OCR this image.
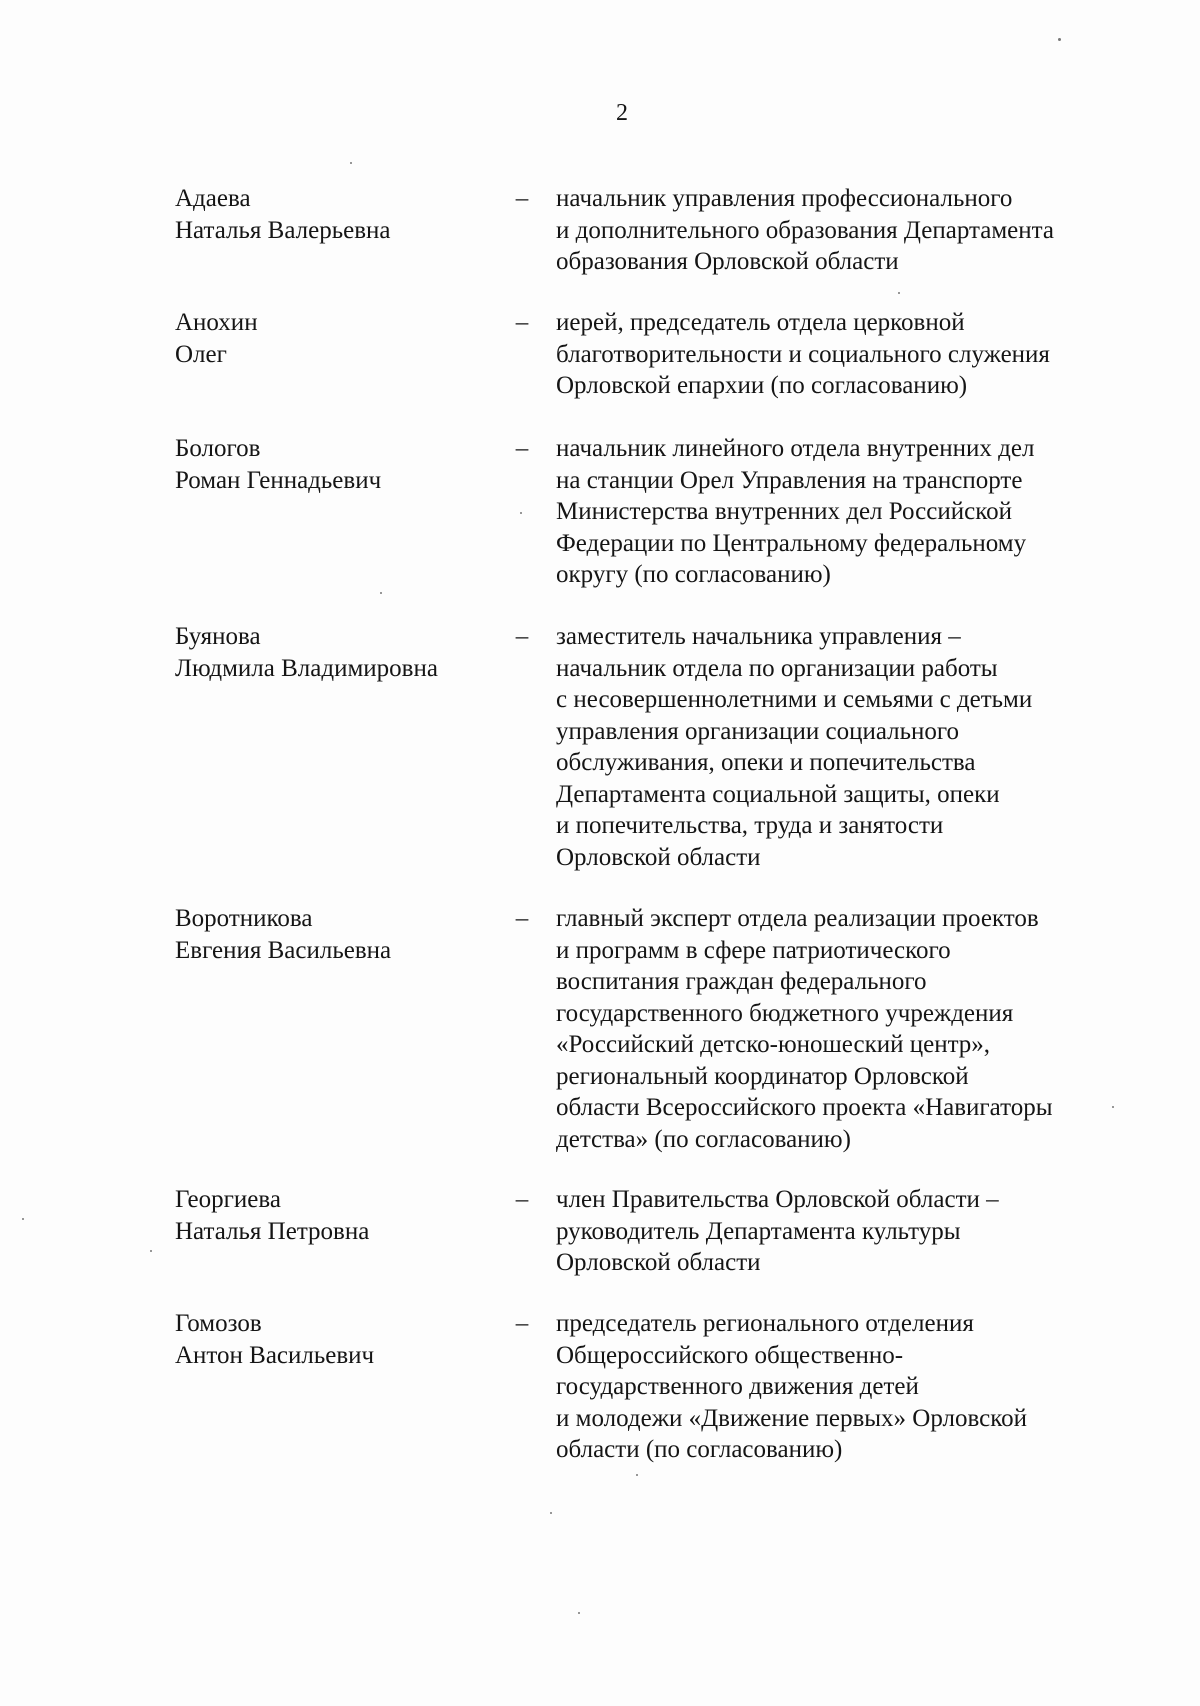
2
Адаева
Наталья Валерьевна
– начальник управления профессионального
и дополнительного образования Департамента
образования Орловской области
Анохин
Олег
– иерей, председатель отдела церковной
благотворительности и социального служения
Орловской епархии (по согласованию)
Бологов
Роман Геннадьевич
– начальник линейного отдела внутренних дел
на станции Орел Управления на транспорте
Министерства внутренних дел Российской
Федерации по Центральному федеральному
округу (по согласованию)
Буянова
Людмила Владимировна
– заместитель начальника управления –
начальник отдела по организации работы
с несовершеннолетними и семьями с детьми
управления организации социального
обслуживания, опеки и попечительства
Департамента социальной защиты, опеки
и попечительства, труда и занятости
Орловской области
Воротникова
Евгения Васильевна
– главный эксперт отдела реализации проектов
и программ в сфере патриотического
воспитания граждан федерального
государственного бюджетного учреждения
«Российский детско-юношеский центр»,
региональный координатор Орловской
области Всероссийского проекта «Навигаторы
детства» (по согласованию)
Георгиева
Наталья Петровна
– член Правительства Орловской области –
руководитель Департамента культуры
Орловской области
Гомозов
Антон Васильевич
– председатель регионального отделения
Общероссийского общественно-
государственного движения детей
и молодежи «Движение первых» Орловской
области (по согласованию)
